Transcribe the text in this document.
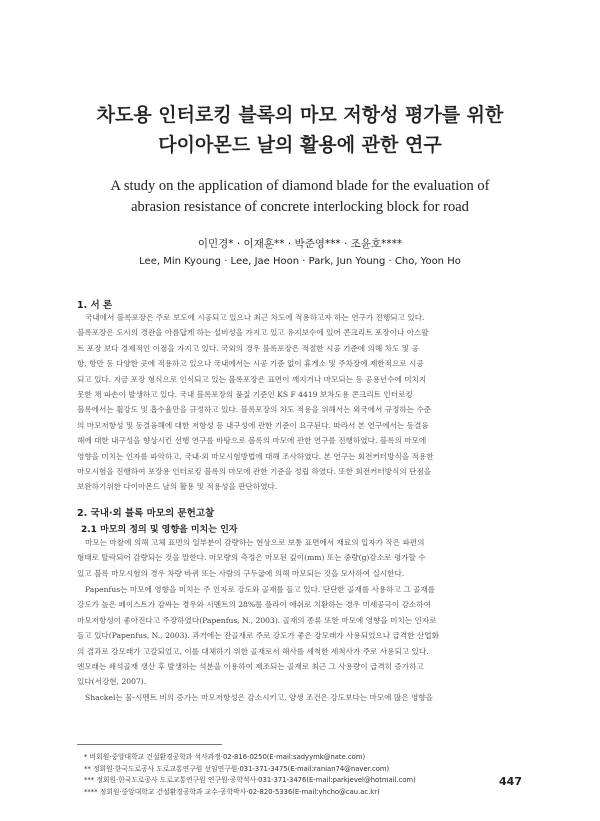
차도용 인터로킹 블록의 마모 저항성 평가를 위한
다이아몬드 날의 활용에 관한 연구
A study on the application of diamond blade for the evaluation of
abrasion resistance of concrete interlocking block for road
이민경* · 이재훈** · 박준영*** · 조윤호****
Lee, Min Kyoung · Lee, Jae Hoon · Park, Jun Young · Cho, Yoon Ho
1. 서 론
국내에서 블록포장은 주로 보도에 시공되고 있으나 최근 차도에 적용하고자 하는 연구가 진행되고 있다.
블록포장은 도시의 경관을 아름답게 하는 설비성을 가지고 있고 유지보수에 있어 콘크리트 포장이나 아스팔
트 포장 보다 경제적인 이점을 가지고 있다. 국외의 경우 블록포장은 적절한 시공 기준에 의해 차도 및 공
항, 항만 등 다양한 곳에 적용하고 있으나 국내에서는 시공 기준 없이 휴게소 및 주차장에 제한적으로 시공
되고 있다. 지금 포장 형식으로 인식되고 있는 블록포장은 표면이 깨지거나 마모되는 등 공용년수에 미치지
못한 채 파손이 발생하고 있다. 국내 블록포장의 품질 기준인 KS F 4419 보차도용 콘크리트 인터로킹
블록에서는 휨강도 및 흡수율만을 규정하고 있다. 블록포장의 차도 적용을 위해서는 외국에서 규정하는 수준
의 마모저항성 및 동결융해에 대한 저항성 등 내구성에 관한 기준이 요구된다. 따라서 본 연구에서는 동결융
해에 대한 내구성을 향상시킨 선행 연구를 바탕으로 블록의 마모에 관한 연구를 진행하였다. 블록의 마모에
영향을 미치는 인자를 파악하고, 국내·외 마모시험방법에 대해 조사하였다. 본 연구는 회전커터방식을 적용한
마모시험을 진행하여 포장용 인터로킹 블록의 마모에 관한 기준을 정립 하였다. 또한 회전커터방식의 단점을
보완하기위한 다이아몬드 날의 활용 및 적용성을 판단하였다.
2. 국내·외 블록 마모의 문헌고찰
2.1 마모의 정의 및 영향을 미치는 인자
마모는 마찰에 의해 고체 표면의 일부분이 감량하는 현상으로 보통 표면에서 재료의 입자가 작은 파편의
형태로 탈락되어 감량되는 것을 말한다. 마모량의 측정은 마모된 깊이(mm) 또는 중량(g)감소로 평가할 수
있고 블록 마모시험의 경우 차량 바퀴 또는 사람의 구두굽에 의해 마모되는 것을 모사하여 실시한다.
Papenfus는 마모에 영향을 미치는 주 인자로 강도와 골재를 들고 있다. 단단한 골재를 사용하고 그 골재를
강도가 높은 페이스트가 감싸는 경우와 시멘트의 28%를 플라이 애쉬로 치환하는 경우 미세공극이 감소하여
마모저항성이 좋아진다고 주장하였다(Papenfus, N., 2003). 골재의 종류 또한 마모에 영향을 미치는 인자로
들고 있다(Papenfus, N., 2003). 과거에는 잔골재로 주로 강도가 좋은 강모래가 사용되었으나 급격한 산업화
의 결과로 강모래가 고갈되었고, 이를 대체하기 위한 골재로서 해사를 세척한 세척사가 주로 사용되고 있다.
엔모래는 쇄석골재 생산 후 발생하는 석분을 이용하여 제조되는 골재로 최근 그 사용량이 급격히 증가하고
있다(서강현, 2007).
Shackel는 물-시멘트 비의 증가는 마모저항성은 감소시키고, 양생 조건은 강도보다는 마모에 많은 영향을
* 비회원·중앙대학교 건설환경공학과 석사과정·02-816-0250(E-mail:sadyymk@nate.com)
** 정회원·한국도로공사 도로교통연구원 선임연구원·031-371-3475(E-mail:ranian74@naver.com)
*** 정회원·한국도로공사 도로교통연구원 연구원·공학석사·031-371-3476(E-mail:parkjevel@hotmail.com)
**** 정회원·중앙대학교 건설환경공학과 교수·공학박사·02-820-5336(E-mail:yhcho@cau.ac.kr)
447
